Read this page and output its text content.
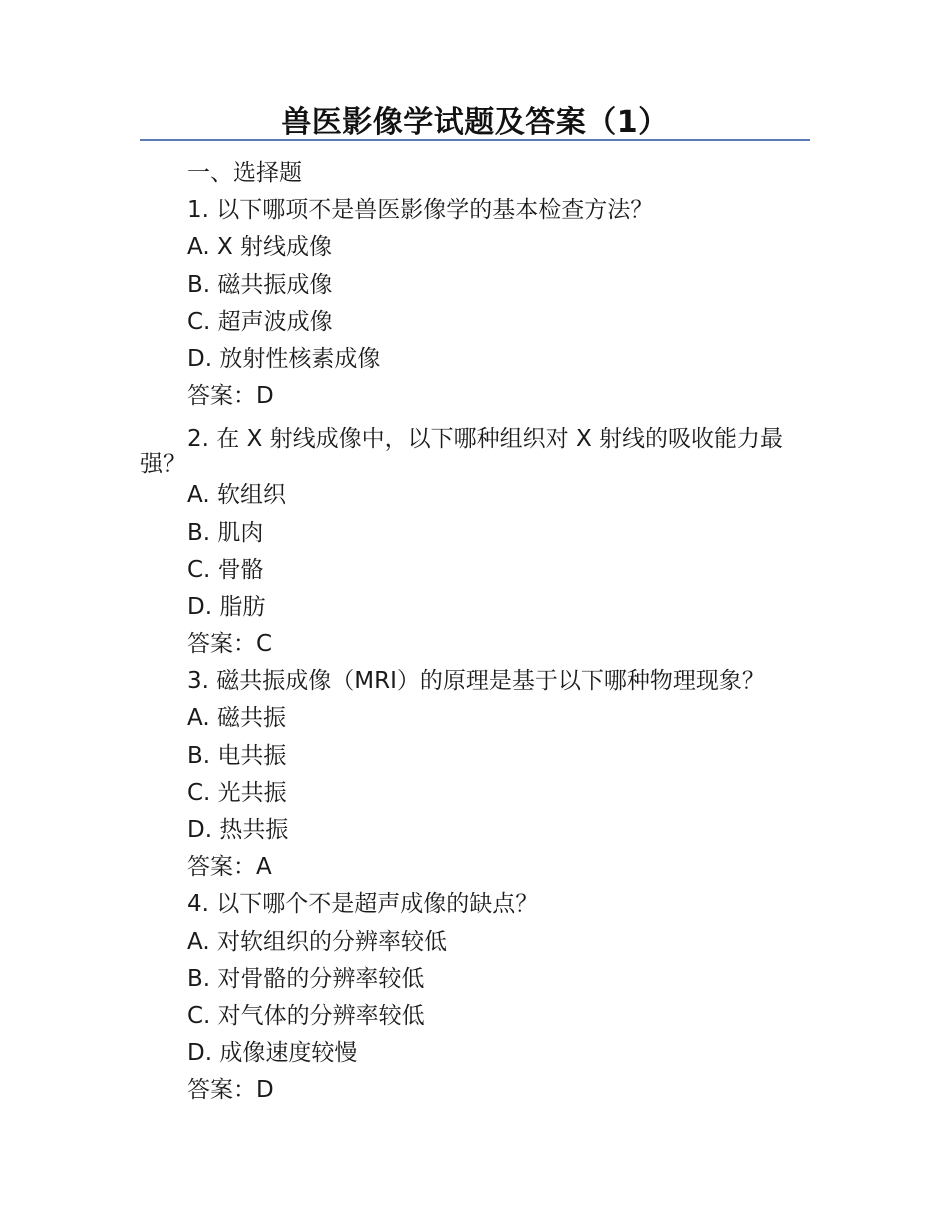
兽医影像学试题及答案（1）
一、选择题
1. 以下哪项不是兽医影像学的基本检查方法？
A. X 射线成像
B. 磁共振成像
C. 超声波成像
D. 放射性核素成像
答案：D
2. 在 X 射线成像中，以下哪种组织对 X 射线的吸收能力最强？
A. 软组织
B. 肌肉
C. 骨骼
D. 脂肪
答案：C
3. 磁共振成像（MRI）的原理是基于以下哪种物理现象？
A. 磁共振
B. 电共振
C. 光共振
D. 热共振
答案：A
4. 以下哪个不是超声成像的缺点？
A. 对软组织的分辨率较低
B. 对骨骼的分辨率较低
C. 对气体的分辨率较低
D. 成像速度较慢
答案：D
